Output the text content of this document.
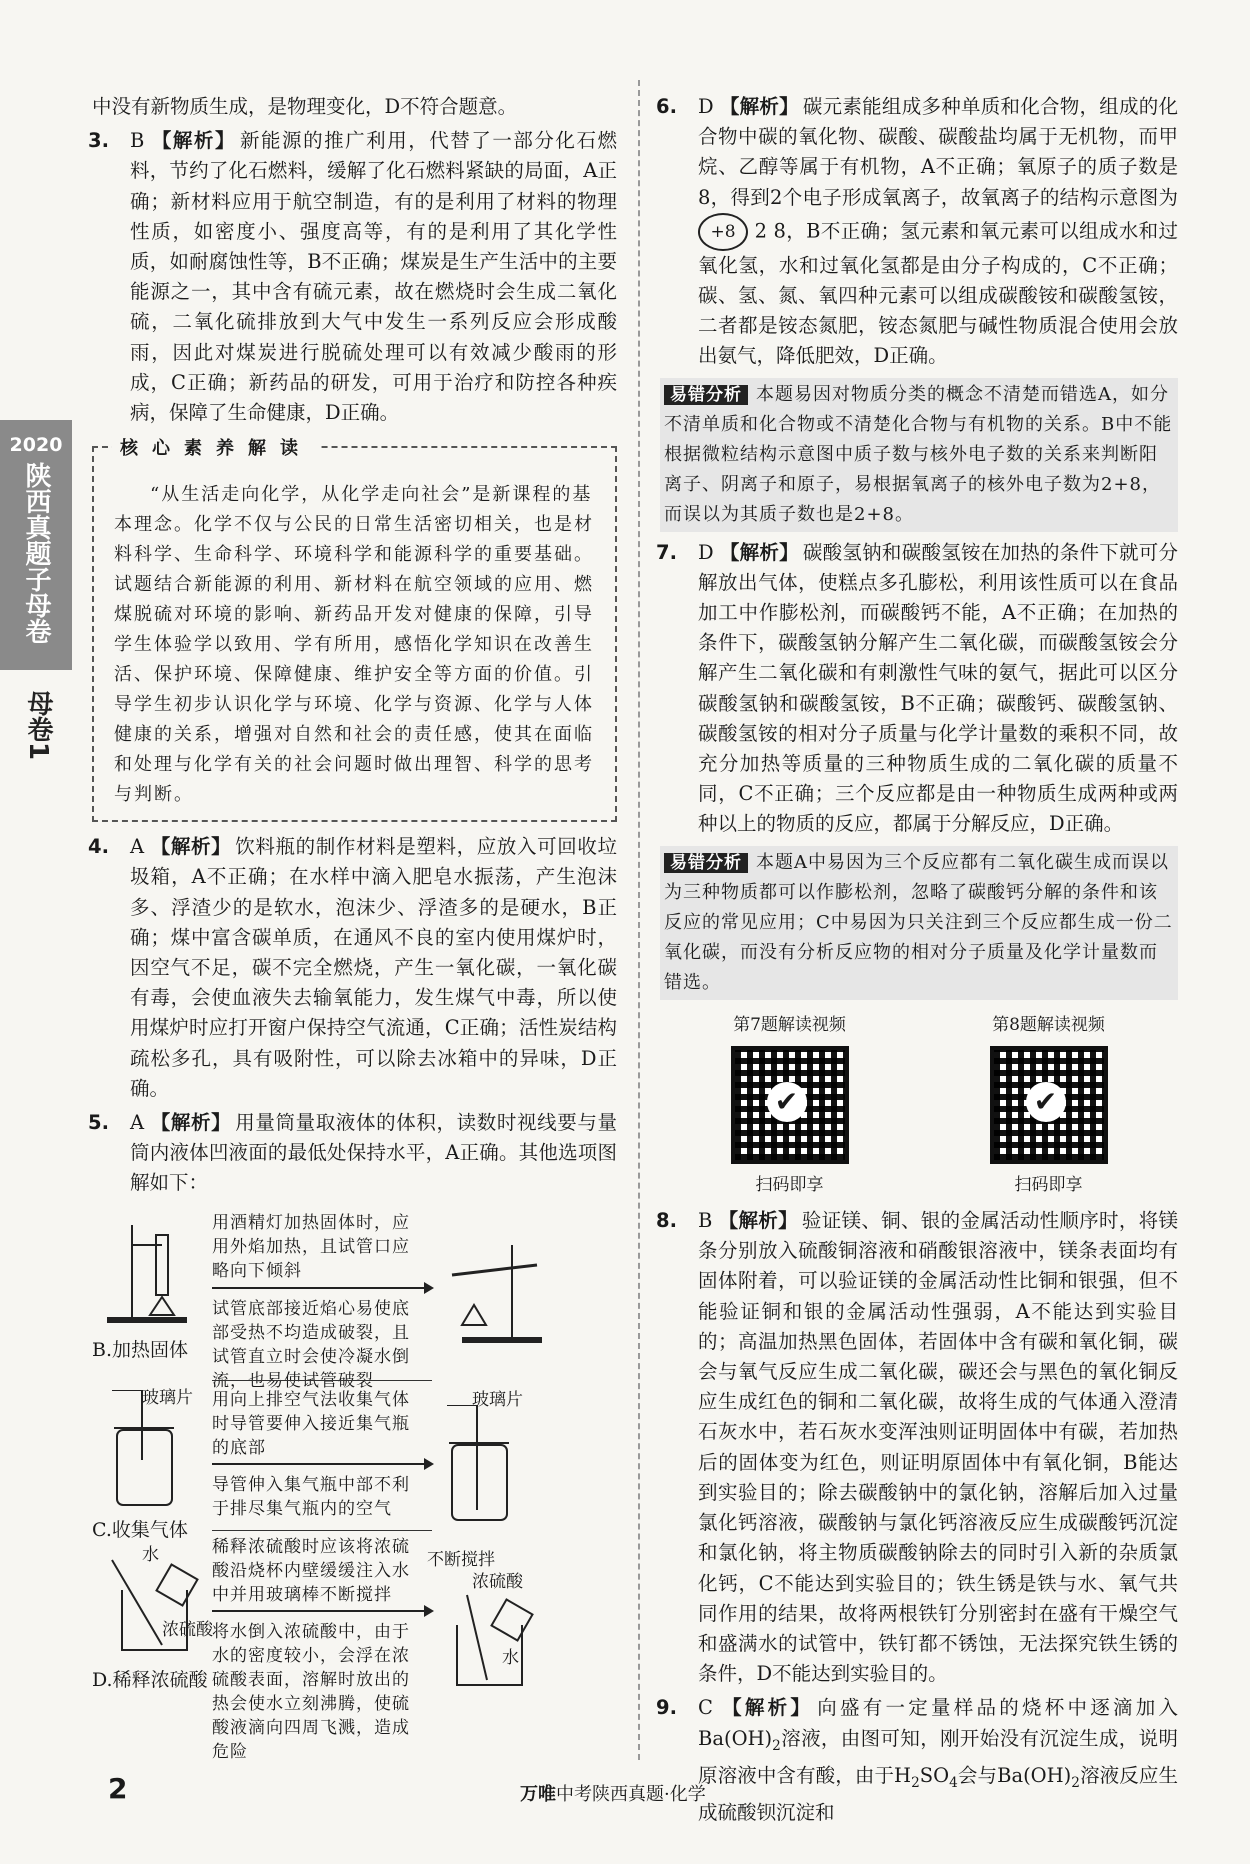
2020
陕西真题子母卷
母卷1

中没有新物质生成，是物理变化，D不符合题意。

3. B 【解析】 新能源的推广利用，代替了一部分化石燃料，节约了化石燃料，缓解了化石燃料紧缺的局面，A正确；新材料应用于航空制造，有的是利用了材料的物理性质，如密度小、强度高等，有的是利用了其化学性质，如耐腐蚀性等，B不正确；煤炭是生产生活中的主要能源之一，其中含有硫元素，故在燃烧时会生成二氧化硫，二氧化硫排放到大气中发生一系列反应会形成酸雨，因此对煤炭进行脱硫处理可以有效减少酸雨的形成，C正确；新药品的研发，可用于治疗和防控各种疾病，保障了生命健康，D正确。

核心素养解读
“从生活走向化学，从化学走向社会”是新课程的基本理念。化学不仅与公民的日常生活密切相关，也是材料科学、生命科学、环境科学和能源科学的重要基础。试题结合新能源的利用、新材料在航空领域的应用、燃煤脱硫对环境的影响、新药品开发对健康的保障，引导学生体验学以致用、学有所用，感悟化学知识在改善生活、保护环境、保障健康、维护安全等方面的价值。引导学生初步认识化学与环境、化学与资源、化学与人体健康的关系，增强对自然和社会的责任感，使其在面临和处理与化学有关的社会问题时做出理智、科学的思考与判断。

4. A 【解析】 饮料瓶的制作材料是塑料，应放入可回收垃圾箱，A不正确；在水样中滴入肥皂水振荡，产生泡沫多、浮渣少的是软水，泡沫少、浮渣多的是硬水，B正确；煤中富含碳单质，在通风不良的室内使用煤炉时，因空气不足，碳不完全燃烧，产生一氧化碳，一氧化碳有毒，会使血液失去输氧能力，发生煤气中毒，所以使用煤炉时应打开窗户保持空气流通，C正确；活性炭结构疏松多孔，具有吸附性，可以除去冰箱中的异味，D正确。

5. A 【解析】 用量筒量取液体的体积，读数时视线要与量筒内液体凹液面的最低处保持水平，A正确。其他选项图解如下：

B.加热固体
用酒精灯加热固体时，应用外焰加热，且试管口应略向下倾斜
试管底部接近焰心易使底部受热不均造成破裂，且试管直立时会使冷凝水倒流，也易使试管破裂
玻璃片
C.收集气体
用向上排空气法收集气体时导管要伸入接近集气瓶的底部
导管伸入集气瓶中部不利于排尽集气瓶内的空气
玻璃片
水
浓硫酸
D.稀释浓硫酸
稀释浓硫酸时应该将浓硫酸沿烧杯内壁缓缓注入水中并用玻璃棒不断搅拌
将水倒入浓硫酸中，由于水的密度较小，会浮在浓硫酸表面，溶解时放出的热会使水立刻沸腾，使硫酸液滴向四周飞溅，造成危险
不断搅拌
浓硫酸
水

6. D 【解析】 碳元素能组成多种单质和化合物，组成的化合物中碳的氧化物、碳酸、碳酸盐均属于无机物，而甲烷、乙醇等属于有机物，A不正确；氧原子的质子数是8，得到2个电子形成氧离子，故氧离子的结构示意图为 +8 2 8，B不正确；氢元素和氧元素可以组成水和过氧化氢，水和过氧化氢都是由分子构成的，C不正确；碳、氢、氮、氧四种元素可以组成碳酸铵和碳酸氢铵，二者都是铵态氮肥，铵态氮肥与碱性物质混合使用会放出氨气，降低肥效，D正确。

易错分析 本题易因对物质分类的概念不清楚而错选A，如分不清单质和化合物或不清楚化合物与有机物的关系。B中不能根据微粒结构示意图中质子数与核外电子数的关系来判断阳离子、阴离子和原子，易根据氧离子的核外电子数为2+8，而误以为其质子数也是2+8。

7. D 【解析】 碳酸氢钠和碳酸氢铵在加热的条件下就可分解放出气体，使糕点多孔膨松，利用该性质可以在食品加工中作膨松剂，而碳酸钙不能，A不正确；在加热的条件下，碳酸氢钠分解产生二氧化碳，而碳酸氢铵会分解产生二氧化碳和有刺激性气味的氨气，据此可以区分碳酸氢钠和碳酸氢铵，B不正确；碳酸钙、碳酸氢钠、碳酸氢铵的相对分子质量与化学计量数的乘积不同，故充分加热等质量的三种物质生成的二氧化碳的质量不同，C不正确；三个反应都是由一种物质生成两种或两种以上的物质的反应，都属于分解反应，D正确。

易错分析 本题A中易因为三个反应都有二氧化碳生成而误以为三种物质都可以作膨松剂，忽略了碳酸钙分解的条件和该反应的常见应用；C中易因为只关注到三个反应都生成一份二氧化碳，而没有分析反应物的相对分子质量及化学计量数而错选。
第7题解读视频
✔
扫码即享
第8题解读视频
✔
扫码即享

8. B 【解析】 验证镁、铜、银的金属活动性顺序时，将镁条分别放入硫酸铜溶液和硝酸银溶液中，镁条表面均有固体附着，可以验证镁的金属活动性比铜和银强，但不能验证铜和银的金属活动性强弱，A不能达到实验目的；高温加热黑色固体，若固体中含有碳和氧化铜，碳会与氧气反应生成二氧化碳，碳还会与黑色的氧化铜反应生成红色的铜和二氧化碳，故将生成的气体通入澄清石灰水中，若石灰水变浑浊则证明固体中有碳，若加热后的固体变为红色，则证明原固体中有氧化铜，B能达到实验目的；除去碳酸钠中的氯化钠，溶解后加入过量氯化钙溶液，碳酸钠与氯化钙溶液反应生成碳酸钙沉淀和氯化钠，将主物质碳酸钠除去的同时引入新的杂质氯化钙，C不能达到实验目的；铁生锈是铁与水、氧气共同作用的结果，故将两根铁钉分别密封在盛有干燥空气和盛满水的试管中，铁钉都不锈蚀，无法探究铁生锈的条件，D不能达到实验目的。

9. C 【解析】 向盛有一定量样品的烧杯中逐滴加入$Ba(OH)_2$溶液，由图可知，刚开始没有沉淀生成，说明原溶液中含有酸，由于$H_2SO_4$会与$Ba(OH)_2$溶液反应生成硫酸钡沉淀和

2	万唯中考陕西真题·化学
